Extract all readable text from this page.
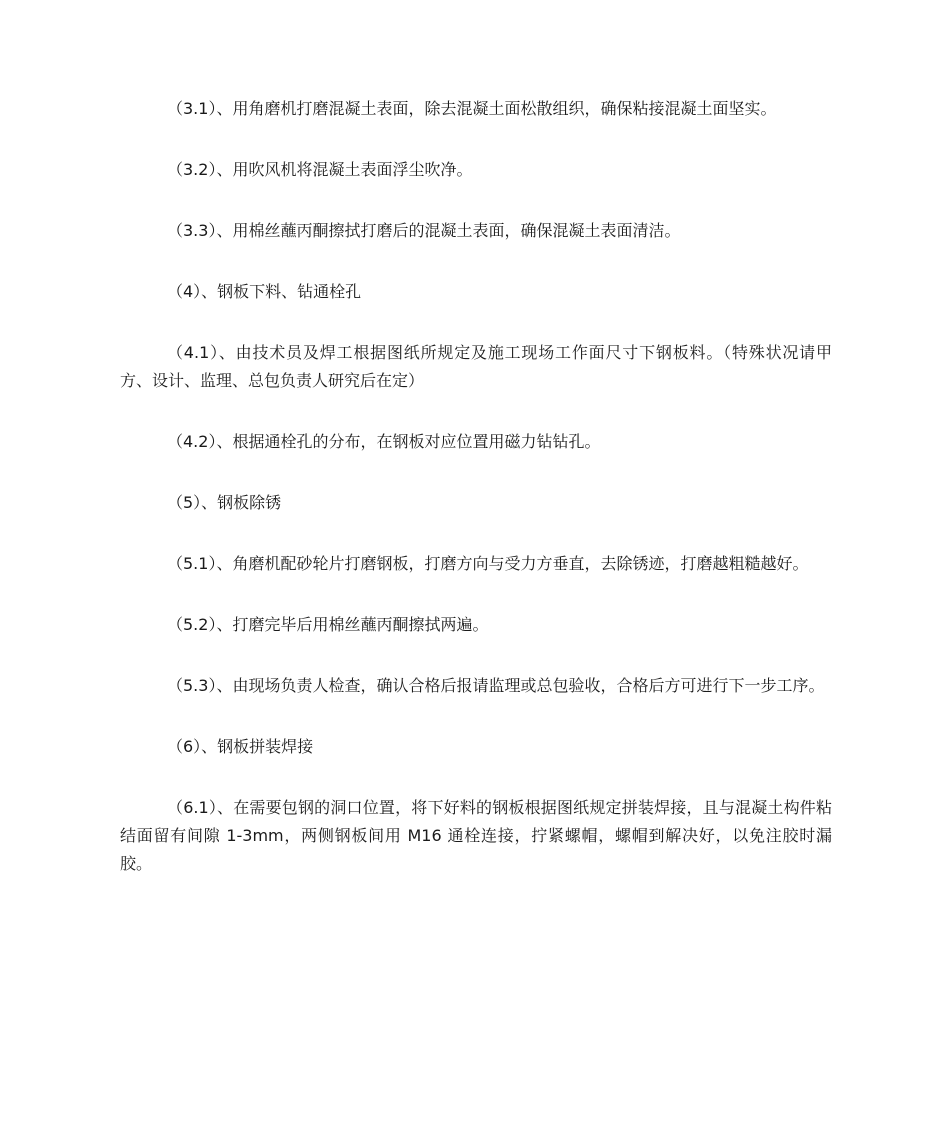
（3.1）、用角磨机打磨混凝土表面，除去混凝土面松散组织，确保粘接混凝土面坚实。

（3.2）、用吹风机将混凝土表面浮尘吹净。

（3.3）、用棉丝蘸丙酮擦拭打磨后的混凝土表面，确保混凝土表面清洁。

（4）、钢板下料、钻通栓孔

（4.1）、由技术员及焊工根据图纸所规定及施工现场工作面尺寸下钢板料。（特殊状况请甲方、设计、监理、总包负责人研究后在定）

（4.2）、根据通栓孔的分布，在钢板对应位置用磁力钻钻孔。

（5）、钢板除锈

（5.1）、角磨机配砂轮片打磨钢板，打磨方向与受力方垂直，去除锈迹，打磨越粗糙越好。

（5.2）、打磨完毕后用棉丝蘸丙酮擦拭两遍。

（5.3）、由现场负责人检查，确认合格后报请监理或总包验收，合格后方可进行下一步工序。

（6）、钢板拼装焊接

（6.1）、在需要包钢的洞口位置，将下好料的钢板根据图纸规定拼装焊接，且与混凝土构件粘结面留有间隙 1-3mm，两侧钢板间用 M16 通栓连接，拧紧螺帽，螺帽到解决好，以免注胶时漏胶。
